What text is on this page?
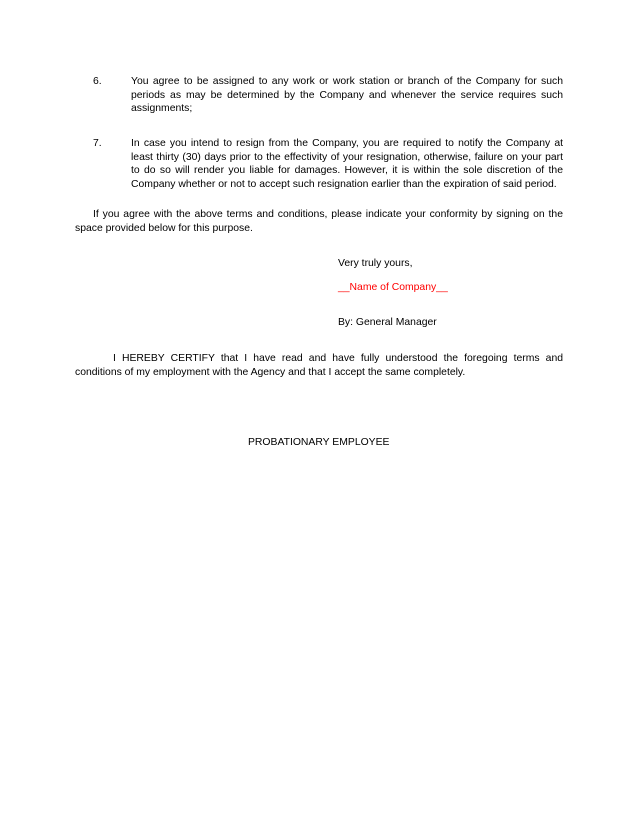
6.	You agree to be assigned to any work or work station or branch of the Company for such periods as may be determined by the Company and whenever the service requires such assignments;
7.	In case you intend to resign from the Company, you are required to notify the Company at least thirty (30) days prior to the effectivity of your resignation, otherwise, failure on your part to do so will render you liable for damages. However, it is within the sole discretion of the Company whether or not to accept such resignation earlier than the expiration of said period.
If you agree with the above terms and conditions, please indicate your conformity by signing on the space provided below for this purpose.
Very truly yours,
__Name of Company__
By: General Manager
I HEREBY CERTIFY that I have read and have fully understood the foregoing terms and conditions of my employment with the Agency and that I accept the same completely.
PROBATIONARY EMPLOYEE
